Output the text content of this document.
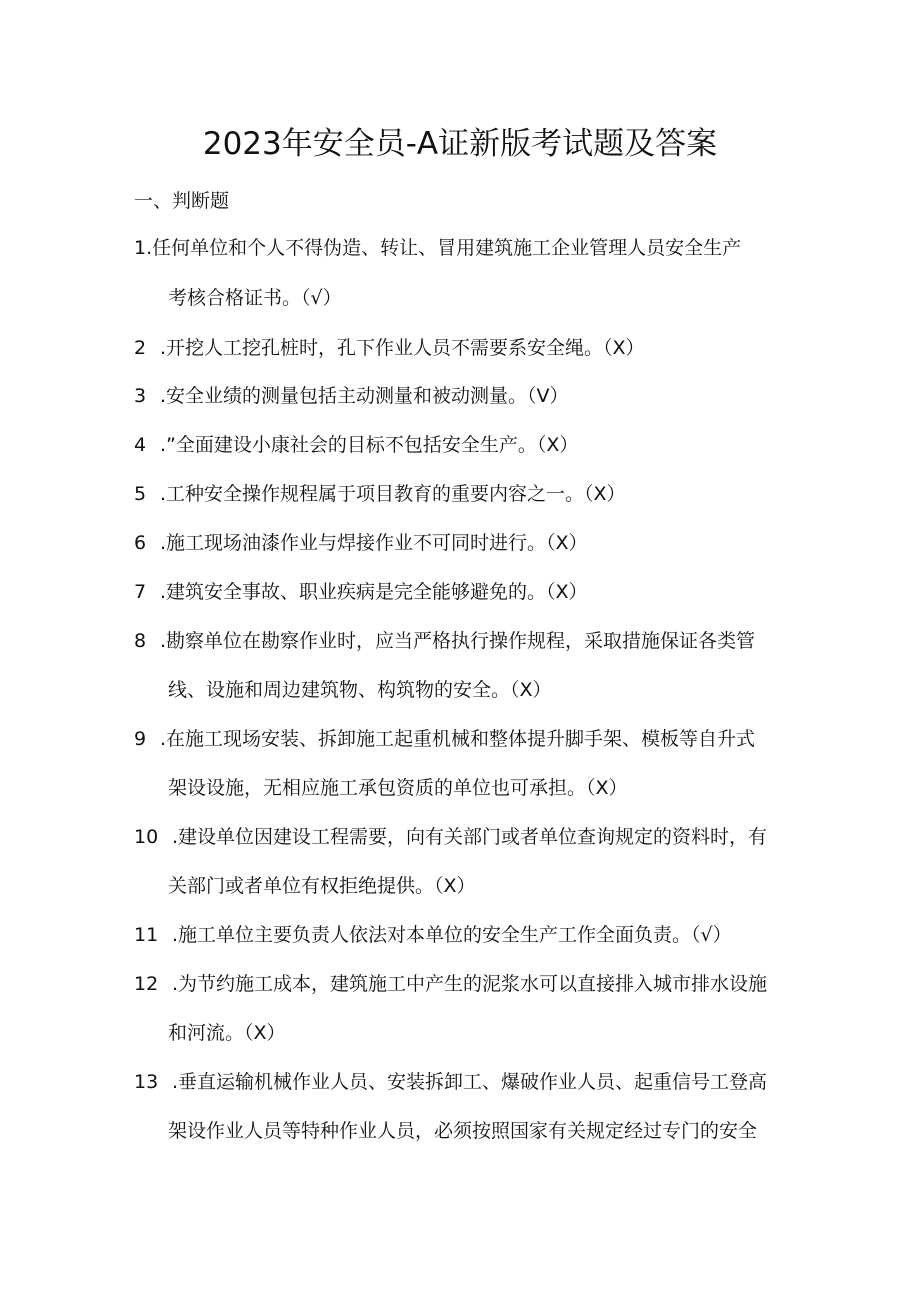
2023年安全员-A证新版考试题及答案
一、判断题
1.任何单位和个人不得伪造、转让、冒用建筑施工企业管理人员安全生产
考核合格证书。（√）
2 .开挖人工挖孔桩时，孔下作业人员不需要系安全绳。（X）
3 .安全业绩的测量包括主动测量和被动测量。（V）
4 .”全面建设小康社会的目标不包括安全生产。（X）
5 .工种安全操作规程属于项目教育的重要内容之一。（X）
6 .施工现场油漆作业与焊接作业不可同时进行。（X）
7 .建筑安全事故、职业疾病是完全能够避免的。（X）
8 .勘察单位在勘察作业时，应当严格执行操作规程，采取措施保证各类管
线、设施和周边建筑物、构筑物的安全。（X）
9 .在施工现场安装、拆卸施工起重机械和整体提升脚手架、模板等自升式
架设设施，无相应施工承包资质的单位也可承担。（X）
10 .建设单位因建设工程需要，向有关部门或者单位查询规定的资料时，有
关部门或者单位有权拒绝提供。（X）
11 .施工单位主要负责人依法对本单位的安全生产工作全面负责。（√）
12 .为节约施工成本，建筑施工中产生的泥浆水可以直接排入城市排水设施
和河流。（X）
13 .垂直运输机械作业人员、安装拆卸工、爆破作业人员、起重信号工登高
架设作业人员等特种作业人员，必须按照国家有关规定经过专门的安全
